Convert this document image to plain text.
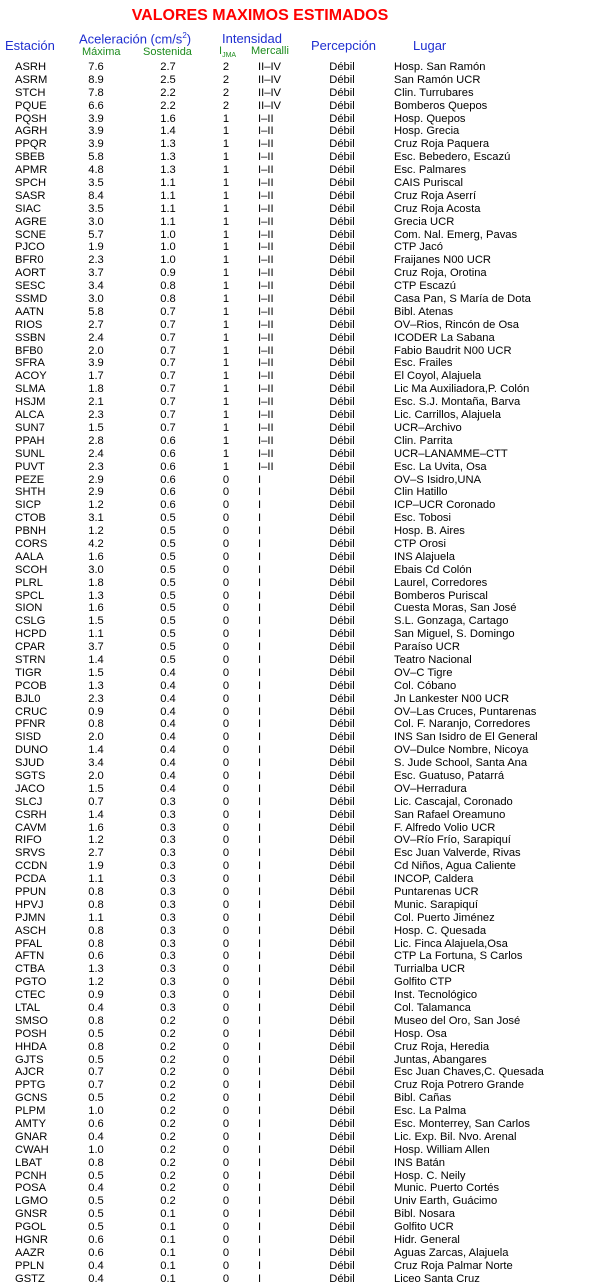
VALORES MAXIMOS ESTIMADOS
Estación Aceleración $(cm/s^2)$
Máxima Sostenida
Intensidad
$I_{JMA}$ Mercalli Percepción	Lugar
ASRH	7.6	2.7	2	II–IV	Débil	Hosp. San Ramón
ASRM	8.9	2.5	2	II–IV	Débil	San Ramón UCR
STCH	7.8	2.2	2	II–IV	Débil	Clin. Turrubares
PQUE	6.6	2.2	2	II–IV	Débil	Bomberos Quepos
PQSH	3.9	1.6	1	I–II	Débil	Hosp. Quepos
AGRH	3.9	1.4	1	I–II	Débil	Hosp. Grecia
PPQR	3.9	1.3	1	I–II	Débil	Cruz Roja Paquera
SBEB	5.8	1.3	1	I–II	Débil	Esc. Bebedero, Escazú
APMR	4.8	1.3	1	I–II	Débil	Esc. Palmares
SPCH	3.5	1.1	1	I–II	Débil	CAIS Puriscal
SASR	8.4	1.1	1	I–II	Débil	Cruz Roja Aserrí
SIAC	3.5	1.1	1	I–II	Débil	Cruz Roja Acosta
AGRE	3.0	1.1	1	I–II	Débil	Grecia UCR
SCNE	5.7	1.0	1	I–II	Débil	Com. Nal. Emerg, Pavas
PJCO	1.9	1.0	1	I–II	Débil	CTP Jacó
BFR0	2.3	1.0	1	I–II	Débil	Fraijanes N00 UCR
AORT	3.7	0.9	1	I–II	Débil	Cruz Roja, Orotina
SESC	3.4	0.8	1	I–II	Débil	CTP Escazú
SSMD	3.0	0.8	1	I–II	Débil	Casa Pan, S María de Dota
AATN	5.8	0.7	1	I–II	Débil	Bibl. Atenas
RIOS	2.7	0.7	1	I–II	Débil	OV–Rios, Rincón de Osa
SSBN	2.4	0.7	1	I–II	Débil	ICODER La Sabana
BFB0	2.0	0.7	1	I–II	Débil	Fabio Baudrit N00 UCR
SFRA	3.9	0.7	1	I–II	Débil	Esc. Frailes
ACOY	1.7	0.7	1	I–II	Débil	El Coyol, Alajuela
SLMA	1.8	0.7	1	I–II	Débil	Lic Ma Auxiliadora,P. Colón
HSJM	2.1	0.7	1	I–II	Débil	Esc. S.J. Montaña, Barva
ALCA	2.3	0.7	1	I–II	Débil	Lic. Carrillos, Alajuela
SUN7	1.5	0.7	1	I–II	Débil	UCR–Archivo
PPAH	2.8	0.6	1	I–II	Débil	Clin. Parrita
SUNL	2.4	0.6	1	I–II	Débil	UCR–LANAMME–CTT
PUVT	2.3	0.6	1	I–II	Débil	Esc. La Uvita, Osa
PEZE	2.9	0.6	0	I	Débil	OV–S Isidro,UNA
SHTH	2.9	0.6	0	I	Débil	Clin Hatillo
SICP	1.2	0.6	0	I	Débil	ICP–UCR Coronado
CTOB	3.1	0.5	0	I	Débil	Esc. Tobosi
PBNH	1.2	0.5	0	I	Débil	Hosp. B. Aires
CORS	4.2	0.5	0	I	Débil	CTP Orosi
AALA	1.6	0.5	0	I	Débil	INS Alajuela
SCOH	3.0	0.5	0	I	Débil	Ebais Cd Colón
PLRL	1.8	0.5	0	I	Débil	Laurel, Corredores
SPCL	1.3	0.5	0	I	Débil	Bomberos Puriscal
SION	1.6	0.5	0	I	Débil	Cuesta Moras, San José
CSLG	1.5	0.5	0	I	Débil	S.L. Gonzaga, Cartago
HCPD	1.1	0.5	0	I	Débil	San Miguel, S. Domingo
CPAR	3.7	0.5	0	I	Débil	Paraíso UCR
STRN	1.4	0.5	0	I	Débil	Teatro Nacional
TIGR	1.5	0.4	0	I	Débil	OV–C Tigre
PCOB	1.3	0.4	0	I	Débil	Col. Cóbano
BJL0	2.3	0.4	0	I	Débil	Jn Lankester N00 UCR
CRUC	0.9	0.4	0	I	Débil	OV–Las Cruces, Puntarenas
PFNR	0.8	0.4	0	I	Débil	Col. F. Naranjo, Corredores
SISD	2.0	0.4	0	I	Débil	INS San Isidro de El General
DUNO	1.4	0.4	0	I	Débil	OV–Dulce Nombre, Nicoya
SJUD	3.4	0.4	0	I	Débil	S. Jude School, Santa Ana
SGTS	2.0	0.4	0	I	Débil	Esc. Guatuso, Patarrá
JACO	1.5	0.4	0	I	Débil	OV–Herradura
SLCJ	0.7	0.3	0	I	Débil	Lic. Cascajal, Coronado
CSRH	1.4	0.3	0	I	Débil	San Rafael Oreamuno
CAVM	1.6	0.3	0	I	Débil	F. Alfredo Volio UCR
RIFO	1.2	0.3	0	I	Débil	OV–Río Frío, Sarapiquí
SRVS	2.7	0.3	0	I	Débil	Esc Juan Valverde, Rivas
CCDN	1.9	0.3	0	I	Débil	Cd Niños, Agua Caliente
PCDA	1.1	0.3	0	I	Débil	INCOP, Caldera
PPUN	0.8	0.3	0	I	Débil	Puntarenas UCR
HPVJ	0.8	0.3	0	I	Débil	Munic. Sarapiquí
PJMN	1.1	0.3	0	I	Débil	Col. Puerto Jiménez
ASCH	0.8	0.3	0	I	Débil	Hosp. C. Quesada
PFAL	0.8	0.3	0	I	Débil	Lic. Finca Alajuela,Osa
AFTN	0.6	0.3	0	I	Débil	CTP La Fortuna, S Carlos
CTBA	1.3	0.3	0	I	Débil	Turrialba UCR
PGTO	1.2	0.3	0	I	Débil	Golfito CTP
CTEC	0.9	0.3	0	I	Débil	Inst. Tecnológico
LTAL	0.4	0.3	0	I	Débil	Col. Talamanca
SMSO	0.8	0.2	0	I	Débil	Museo del Oro, San José
POSH	0.5	0.2	0	I	Débil	Hosp. Osa
HHDA	0.8	0.2	0	I	Débil	Cruz Roja, Heredia
GJTS	0.5	0.2	0	I	Débil	Juntas, Abangares
AJCR	0.7	0.2	0	I	Débil	Esc Juan Chaves,C. Quesada
PPTG	0.7	0.2	0	I	Débil	Cruz Roja Potrero Grande
GCNS	0.5	0.2	0	I	Débil	Bibl. Cañas
PLPM	1.0	0.2	0	I	Débil	Esc. La Palma
AMTY	0.6	0.2	0	I	Débil	Esc. Monterrey, San Carlos
GNAR	0.4	0.2	0	I	Débil	Lic. Exp. Bil. Nvo. Arenal
CWAH	1.0	0.2	0	I	Débil	Hosp. William Allen
LBAT	0.8	0.2	0	I	Débil	INS Batán
PCNH	0.5	0.2	0	I	Débil	Hosp. C. Neily
POSA	0.4	0.2	0	I	Débil	Munic. Puerto Cortés
LGMO	0.5	0.2	0	I	Débil	Univ Earth, Guácimo
GNSR	0.5	0.1	0	I	Débil	Bibl. Nosara
PGOL	0.5	0.1	0	I	Débil	Golfito UCR
HGNR	0.6	0.1	0	I	Débil	Hidr. General
AAZR	0.6	0.1	0	I	Débil	Aguas Zarcas, Alajuela
PPLN	0.4	0.1	0	I	Débil	Cruz Roja Palmar Norte
GSTZ	0.4	0.1	0	I	Débil	Liceo Santa Cruz
